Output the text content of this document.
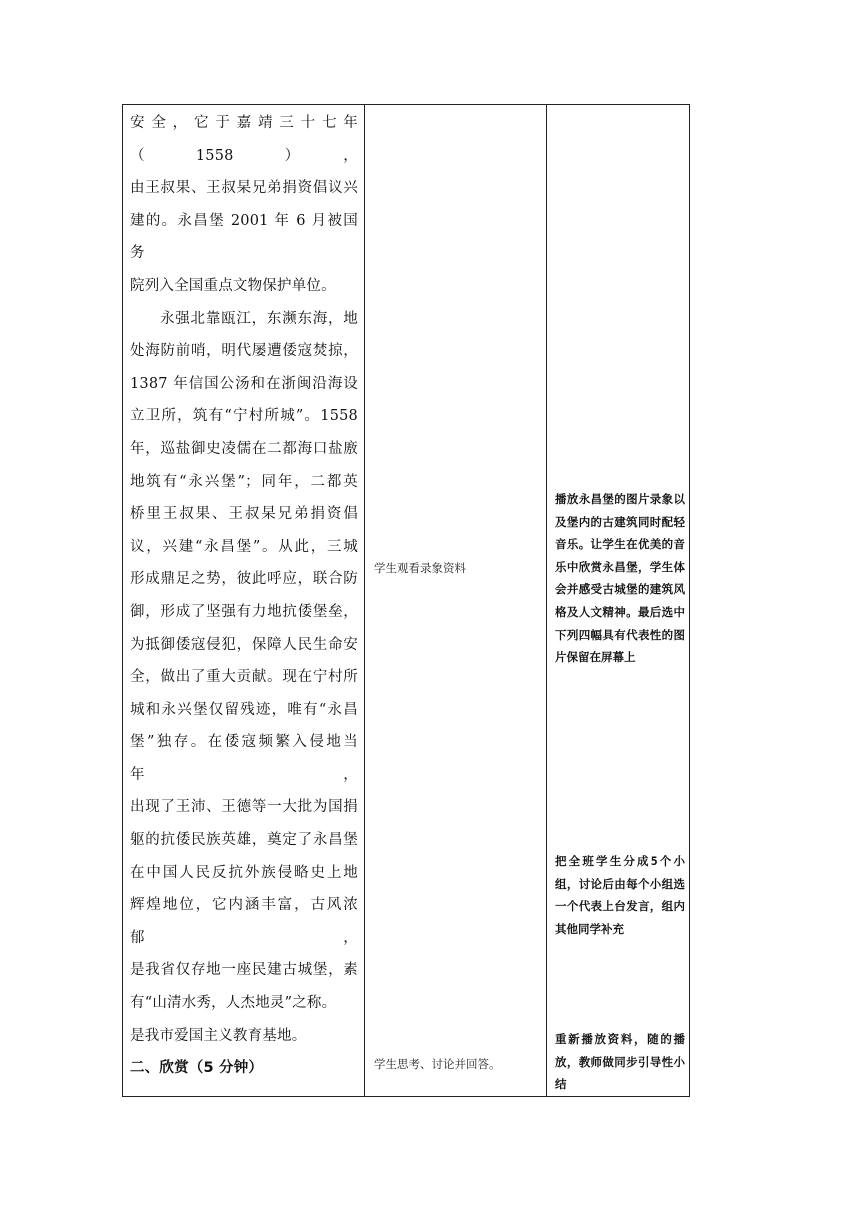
安全，它于嘉靖三十七年（1558），

由王叔果、王叔杲兄弟捐资倡议兴

建的。永昌堡 2001 年 6 月被国务

院列入全国重点文物保护单位。

永强北靠瓯江，东濒东海，地

处海防前哨，明代屡遭倭寇焚掠，

1387 年信国公汤和在浙闽沿海设

立卫所，筑有“宁村所城”。1558

年，巡盐御史凌儒在二都海口盐廒

地筑有“永兴堡”；同年，二都英

桥里王叔果、王叔杲兄弟捐资倡

议，兴建“永昌堡”。从此，三城

形成鼎足之势，彼此呼应，联合防

御，形成了坚强有力地抗倭堡垒，

为抵御倭寇侵犯，保障人民生命安

全，做出了重大贡献。现在宁村所

城和永兴堡仅留残迹，唯有“永昌

堡”独存。在倭寇频繁入侵地当年，

出现了王沛、王德等一大批为国捐

躯的抗倭民族英雄，奠定了永昌堡

在中国人民反抗外族侵略史上地

辉煌地位，它内涵丰富，古风浓郁，

是我省仅存地一座民建古城堡，素

有“山清水秀，人杰地灵”之称。

是我市爱国主义教育基地。

二、欣赏（5 分钟）

学生观看录象资料
学生思考、讨论并回答。

播放永昌堡的图片录象以及堡内的古建筑同时配轻音乐。让学生在优美的音乐中欣赏永昌堡，学生体会并感受古城堡的建筑风格及人文精神。最后选中下列四幅具有代表性的图片保留在屏幕上

把全班学生分成5个小组，讨论后由每个小组选一个代表上台发言，组内其他同学补充

重新播放资料，随的播放，教师做同步引导性小结
